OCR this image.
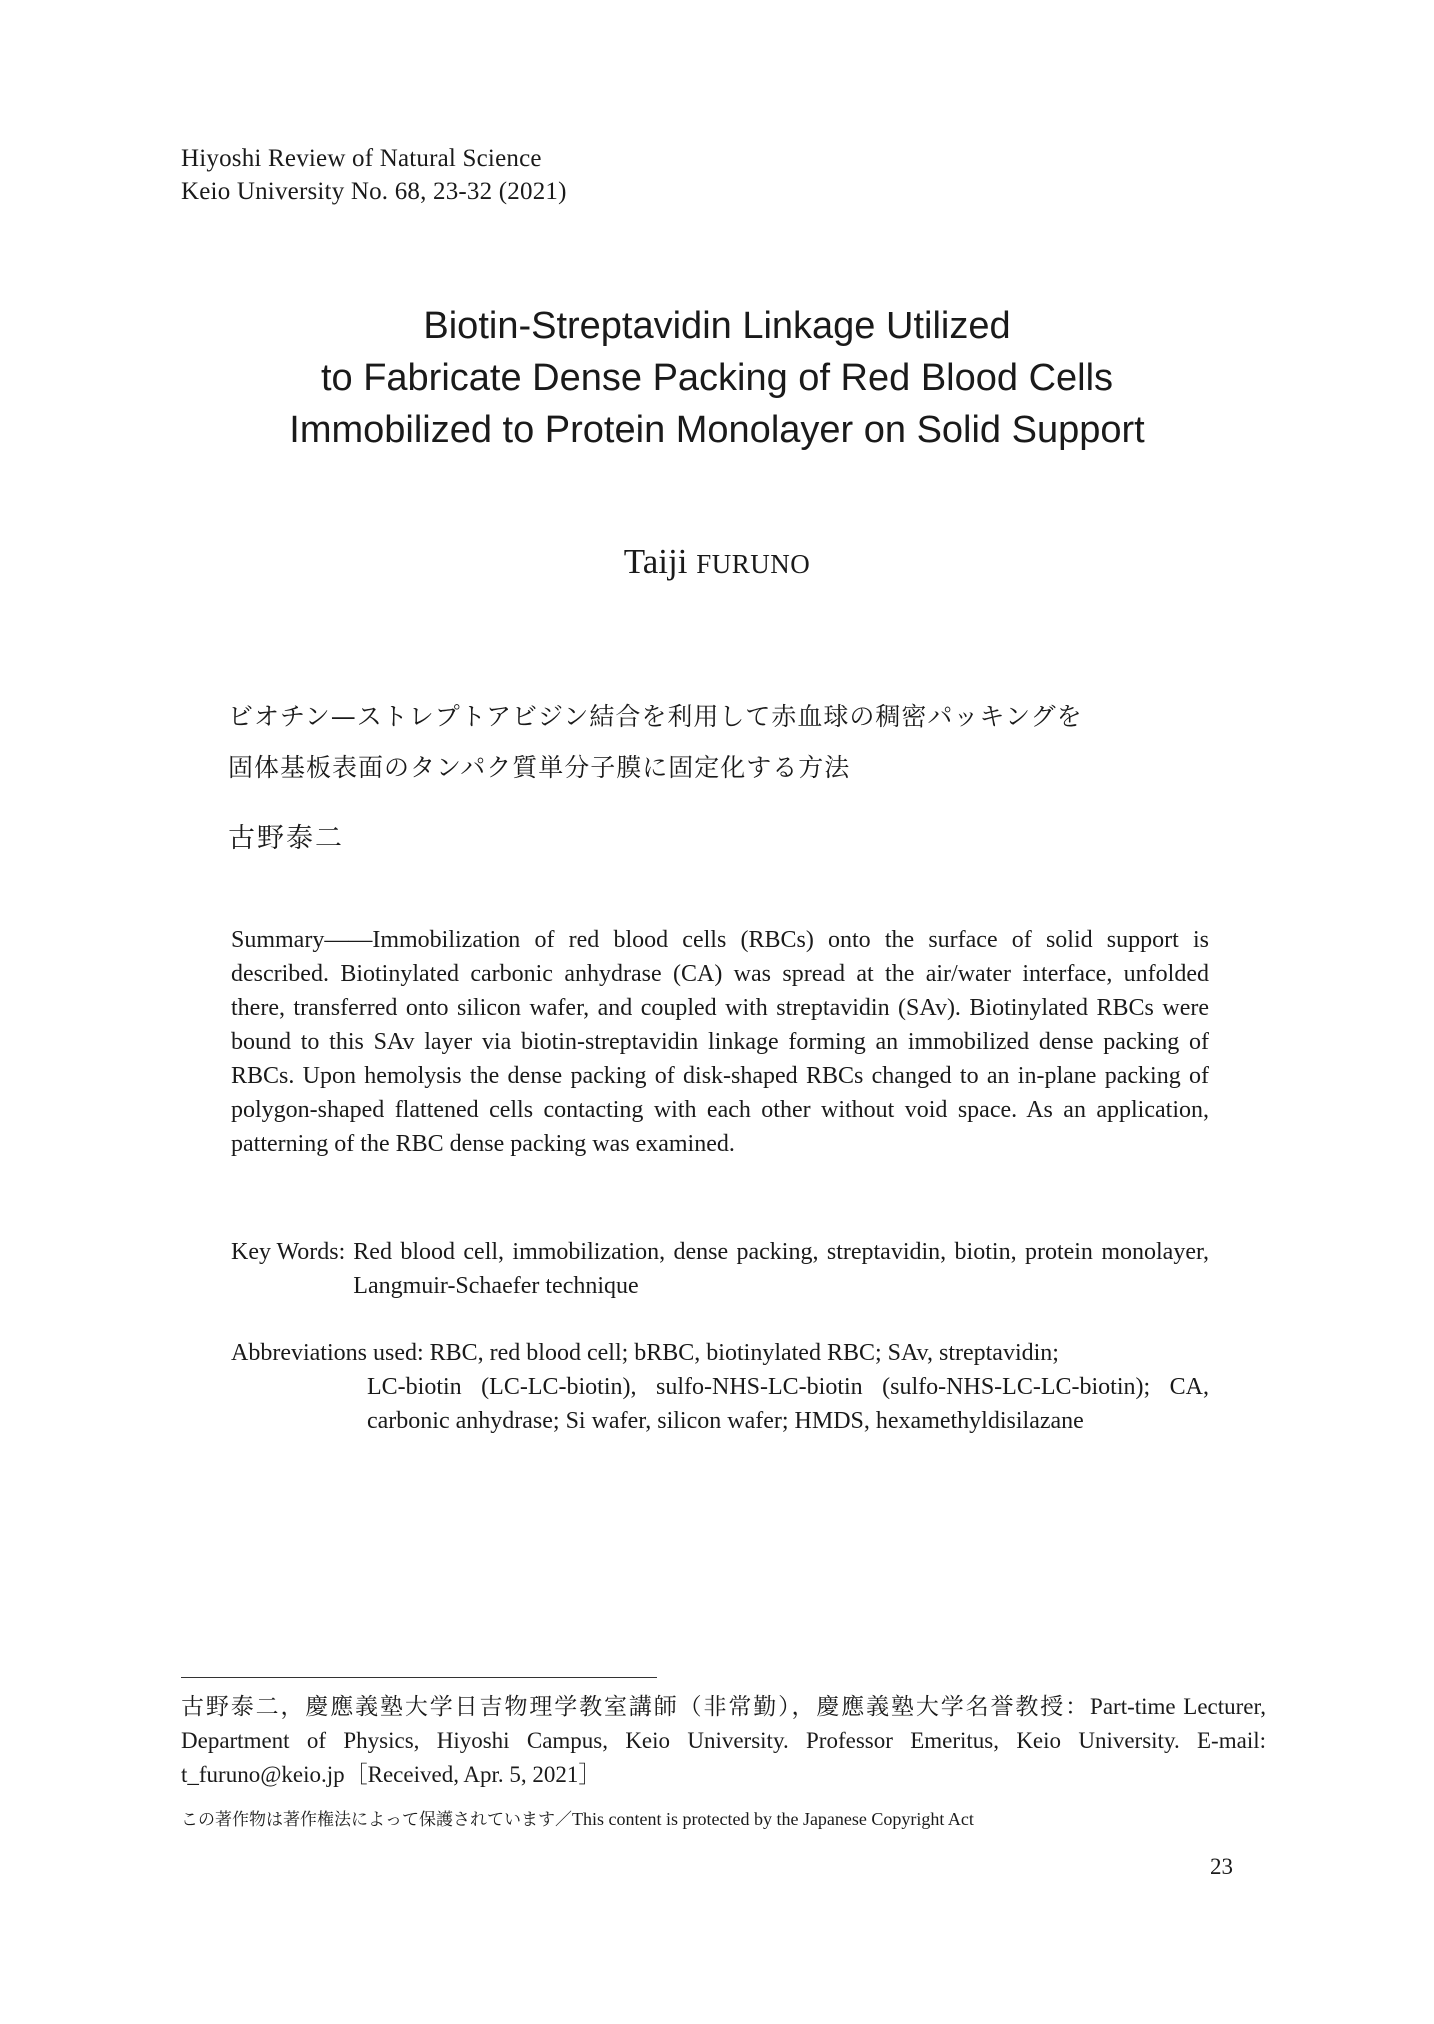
Hiyoshi Review of Natural Science
Keio University No. 68, 23-32 (2021)
Biotin-Streptavidin Linkage Utilized
to Fabricate Dense Packing of Red Blood Cells
Immobilized to Protein Monolayer on Solid Support
Taiji FURUNO
ビオチン—ストレプトアビジン結合を利用して赤血球の稠密パッキングを
固体基板表面のタンパク質単分子膜に固定化する方法
古野泰二

Summary――Immobilization of red blood cells (RBCs) onto the surface of solid support is described. Biotinylated carbonic anhydrase (CA) was spread at the air/water interface, unfolded there, transferred onto silicon wafer, and coupled with streptavidin (SAv). Biotinylated RBCs were bound to this SAv layer via biotin-streptavidin linkage forming an immobilized dense packing of RBCs. Upon hemolysis the dense packing of disk-shaped RBCs changed to an in-plane packing of polygon-shaped flattened cells contacting with each other without void space. As an application, patterning of the RBC dense packing was examined.

Key Words: Red blood cell, immobilization, dense packing, streptavidin, biotin, protein monolayer, Langmuir-Schaefer technique
Abbreviations used: RBC, red blood cell; bRBC, biotinylated RBC; SAv, streptavidin;
LC-biotin (LC-LC-biotin), sulfo-NHS-LC-biotin (sulfo-NHS-LC-LC-biotin); CA, carbonic anhydrase; Si wafer, silicon wafer; HMDS, hexamethyldisilazane
古野泰二，慶應義塾大学日吉物理学教室講師（非常勤），慶應義塾大学名誉教授：Part-time Lecturer, Department of Physics, Hiyoshi Campus, Keio University. Professor Emeritus, Keio University. E-mail: t_furuno@keio.jp［Received, Apr. 5, 2021］
この著作物は著作権法によって保護されています／This content is protected by the Japanese Copyright Act
23
